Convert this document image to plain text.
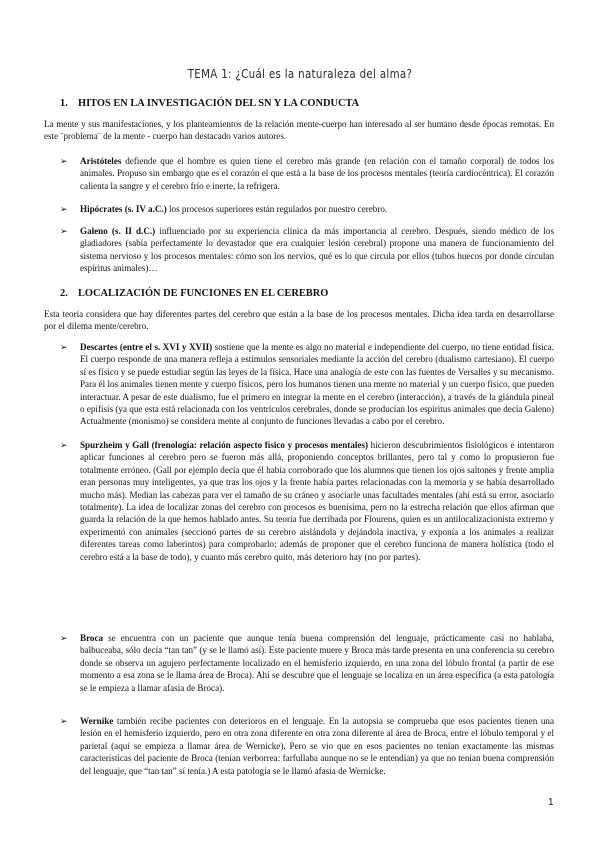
TEMA 1: ¿Cuál es la naturaleza del alma?
1. HITOS EN LA INVESTIGACIÓN DEL SN Y LA CONDUCTA

La mente y sus manifestaciones, y los planteamientos de la relación mente-cuerpo han interesado al ser humano desde épocas remotas. En este ¨problema¨ de la mente - cuerpo han destacado varios autores.

➢ Aristóteles defiende que el hombre es quien tiene el cerebro más grande (en relación con el tamaño corporal) de todos los animales. Propuso sin embargo que es el corazón el que está a la base de los procesos mentales (teoría cardiocéntrica). El corazón calienta la sangre y el cerebro frío e inerte, la refrigera.

➢ Hipócrates (s. IV a.C.) los procesos superiores están regulados por nuestro cerebro.

➢ Galeno (s. II d.C.) influenciado por su experiencia clínica da más importancia al cerebro. Después, siendo médico de los gladiadores (sabía perfectamente lo devastador que era cualquier lesión cerebral) propone una manera de funcionamiento del sistema nervioso y los procesos mentales: cómo son los nervios, qué es lo que circula por ellos (tubos huecos por donde circulan espíritus animales)…

2. LOCALIZACIÓN DE FUNCIONES EN EL CEREBRO

Esta teoría considera que hay diferentes partes del cerebro que están a la base de los procesos mentales. Dicha idea tarda en desarrollarse por el dilema mente/cerebro.

➢ Descartes (entre el s. XVI y XVII) sostiene que la mente es algo no material e independiente del cuerpo, no tiene entidad física. El cuerpo responde de una manera refleja a estímulos sensoriales mediante la acción del cerebro (dualismo cartesiano). El cuerpo sí es físico y se puede estudiar según las leyes de la física. Hace una analogía de este con las fuentes de Versalles y su mecanismo. Para él los animales tienen mente y cuerpo físicos, pero los humanos tienen una mente no material y un cuerpo físico, que pueden interactuar. A pesar de este dualismo, fue el primero en integrar la mente en el cerebro (interacción), a través de la glándula pineal o epífisis (ya que esta está relacionada con los ventrículos cerebrales, donde se producían los espíritus animales que decía Galeno) Actualmente (monismo) se considera mente al conjunto de funciones llevadas a cabo por el cerebro.

➢ Spurzheim y Gall (frenología: relación aspecto físico y procesos mentales) hicieron descubrimientos fisiológicos e intentaron aplicar funciones al cerebro pero se fueron más allá, proponiendo conceptos brillantes, pero tal y como lo propusieron fue totalmente erróneo. (Gall por ejemplo decía que él había corroborado que los alumnos que tienen los ojos saltones y frente amplia eran personas muy inteligentes, ya que tras los ojos y la frente había partes relacionadas con la memoria y se había desarrollado mucho más). Median las cabezas para ver el tamaño de su cráneo y asociarle unas facultades mentales (ahí está su error, asociarlo totalmente). La idea de localizar zonas del cerebro con procesos es buenísima, pero no la estrecha relación que ellos afirman que guarda la relación de la que hemos hablado antes. Su teoría fue derribada por Flourens, quien es un antilocalizacionista extremo y experimentó con animales (seccionó partes de su cerebro aislándola y dejándola inactiva, y exponía a los animales a realizar diferentes tareas como laberintos) para comprobarlo; además de proponer que el cerebro funciona de manera holística (todo el cerebro está a la base de todo), y cuanto más cerebro quito, más deterioro hay (no por partes).

➢ Broca se encuentra con un paciente que aunque tenía buena comprensión del lenguaje, prácticamente casi no hablaba, balbuceaba, sólo decía “tan tan” (y se le llamó así). Este paciente muere y Broca más tarde presenta en una conferencia su cerebro donde se observa un agujero perfectamente localizado en el hemisferio izquierdo, en una zona del lóbulo frontal (a partir de ese momento a esa zona se le llama área de Broca). Ahí se descubre que el lenguaje se localiza en un área específica (a esta patología se le empieza a llamar afasia de Broca).

➢ Wernike también recibe pacientes con deterioros en el lenguaje. En la autopsia se comprueba que esos pacientes tienen una lesión en el hemisferio izquierdo, pero en otra zona diferente en otra zona diferente al área de Broca, entre el lóbulo temporal y el parietal (aquí se empieza a llamar área de Wernicke). Pero se vio que en esos pacientes no tenían exactamente las mismas características del paciente de Broca (tenían verborrea: farfullaba aunque no se le entendían) ya que no tenían buena comprensión del lenguaje, que “tan tan” sí tenía.) A esta patología se le llamó afasia de Wernicke.

1
